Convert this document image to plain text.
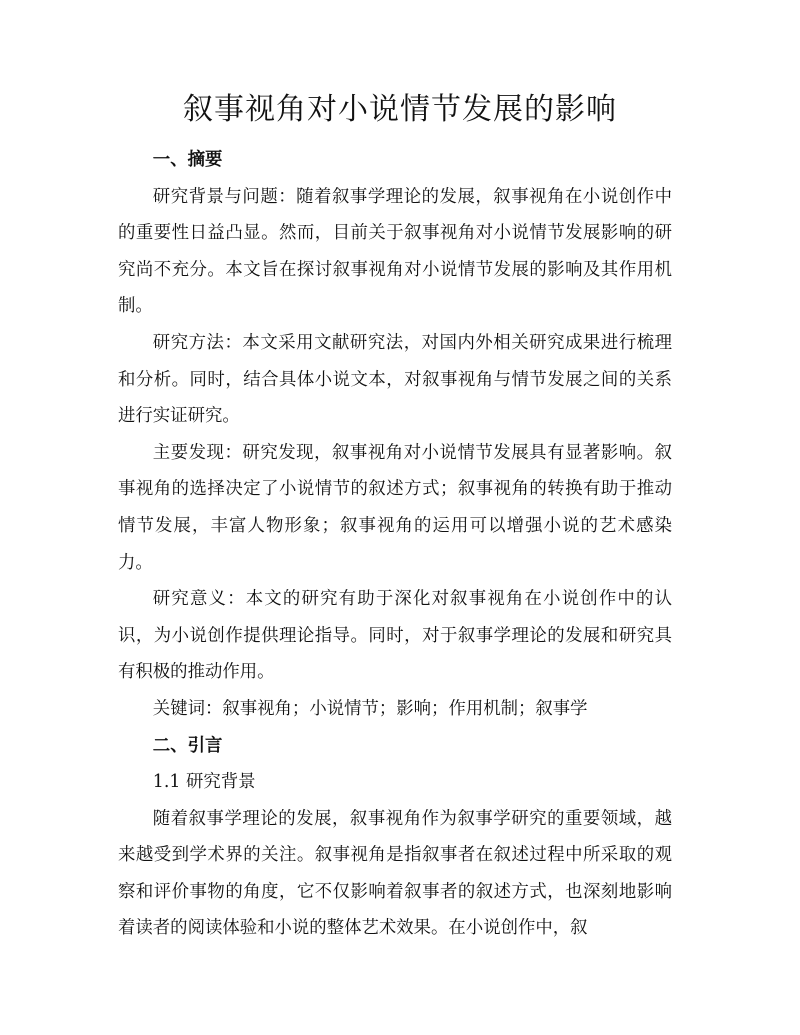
叙事视角对小说情节发展的影响

一、摘要

研究背景与问题：随着叙事学理论的发展，叙事视角在小说创作中的重要性日益凸显。然而，目前关于叙事视角对小说情节发展影响的研究尚不充分。本文旨在探讨叙事视角对小说情节发展的影响及其作用机制。

研究方法：本文采用文献研究法，对国内外相关研究成果进行梳理和分析。同时，结合具体小说文本，对叙事视角与情节发展之间的关系进行实证研究。

主要发现：研究发现，叙事视角对小说情节发展具有显著影响。叙事视角的选择决定了小说情节的叙述方式；叙事视角的转换有助于推动情节发展，丰富人物形象；叙事视角的运用可以增强小说的艺术感染力。

研究意义：本文的研究有助于深化对叙事视角在小说创作中的认识，为小说创作提供理论指导。同时，对于叙事学理论的发展和研究具有积极的推动作用。

关键词：叙事视角；小说情节；影响；作用机制；叙事学

二、引言

1.1 研究背景

随着叙事学理论的发展，叙事视角作为叙事学研究的重要领域，越来越受到学术界的关注。叙事视角是指叙事者在叙述过程中所采取的观察和评价事物的角度，它不仅影响着叙事者的叙述方式，也深刻地影响着读者的阅读体验和小说的整体艺术效果。在小说创作中，叙
